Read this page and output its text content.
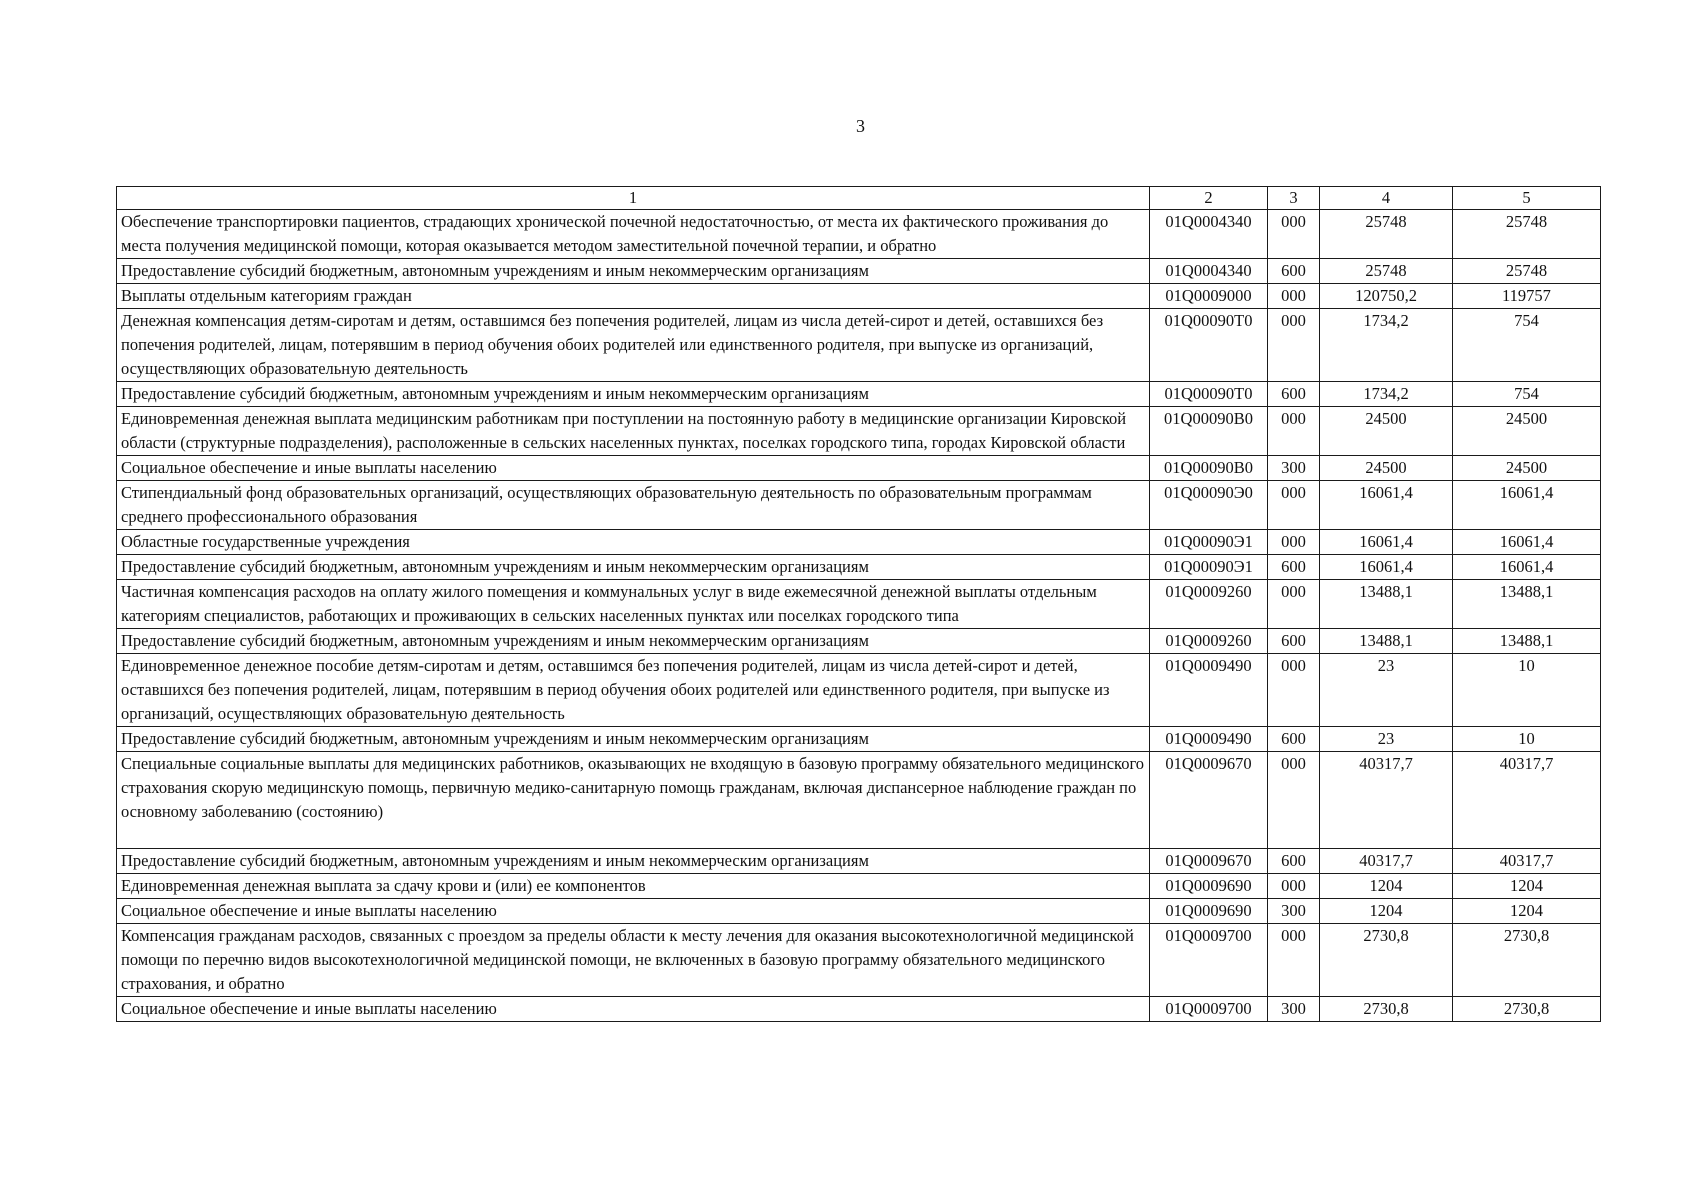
3
1	2	3	4	5
Обеспечение транспортировки пациентов, страдающих хронической почечной недостаточностью, от места их фактического проживания до места получения медицинской помощи, которая оказывается методом заместительной почечной терапии, и обратно	01Q0004340	000	25748	25748
Предоставление субсидий бюджетным, автономным учреждениям и иным некоммерческим организациям	01Q0004340	600	25748	25748
Выплаты отдельным категориям граждан	01Q0009000	000	120750,2	119757
Денежная компенсация детям-сиротам и детям, оставшимся без попечения родителей, лицам из числа детей-сирот и детей, оставшихся без попечения родителей, лицам, потерявшим в период обучения обоих родителей или единственного родителя, при выпуске из организаций, осуществляющих образовательную деятельность	01Q00090Т0	000	1734,2	754
Предоставление субсидий бюджетным, автономным учреждениям и иным некоммерческим организациям	01Q00090Т0	600	1734,2	754
Единовременная денежная выплата медицинским работникам при поступлении на постоянную работу в медицинские организации Кировской области (структурные подразделения), расположенные в сельских населенных пунктах, поселках городского типа, городах Кировской области	01Q00090В0	000	24500	24500
Социальное обеспечение и иные выплаты населению	01Q00090В0	300	24500	24500
Стипендиальный фонд образовательных организаций, осуществляющих образовательную деятельность по образовательным программам среднего профессионального образования	01Q00090Э0	000	16061,4	16061,4
Областные государственные учреждения	01Q00090Э1	000	16061,4	16061,4
Предоставление субсидий бюджетным, автономным учреждениям и иным некоммерческим организациям	01Q00090Э1	600	16061,4	16061,4
Частичная компенсация расходов на оплату жилого помещения и коммунальных услуг в виде ежемесячной денежной выплаты отдельным категориям специалистов, работающих и проживающих в сельских населенных пунктах или поселках городского типа	01Q0009260	000	13488,1	13488,1
Предоставление субсидий бюджетным, автономным учреждениям и иным некоммерческим организациям	01Q0009260	600	13488,1	13488,1
Единовременное денежное пособие детям-сиротам и детям, оставшимся без попечения родителей, лицам из числа детей-сирот и детей, оставшихся без попечения родителей, лицам, потерявшим в период обучения обоих родителей или единственного родителя, при выпуске из организаций, осуществляющих образовательную деятельность	01Q0009490	000	23	10
Предоставление субсидий бюджетным, автономным учреждениям и иным некоммерческим организациям	01Q0009490	600	23	10
Специальные социальные выплаты для медицинских работников, оказывающих не входящую в базовую программу обязательного медицинского страхования скорую медицинскую помощь, первичную медико-санитарную помощь гражданам, включая диспансерное наблюдение граждан по основному заболеванию (состоянию)	01Q0009670	000	40317,7	40317,7
Предоставление субсидий бюджетным, автономным учреждениям и иным некоммерческим организациям	01Q0009670	600	40317,7	40317,7
Единовременная денежная выплата за сдачу крови и (или) ее компонентов	01Q0009690	000	1204	1204
Социальное обеспечение и иные выплаты населению	01Q0009690	300	1204	1204
Компенсация гражданам расходов, связанных с проездом за пределы области к месту лечения для оказания высокотехнологичной медицинской помощи по перечню видов высокотехнологичной медицинской помощи, не включенных в базовую программу обязательного медицинского страхования, и обратно	01Q0009700	000	2730,8	2730,8
Социальное обеспечение и иные выплаты населению	01Q0009700	300	2730,8	2730,8
